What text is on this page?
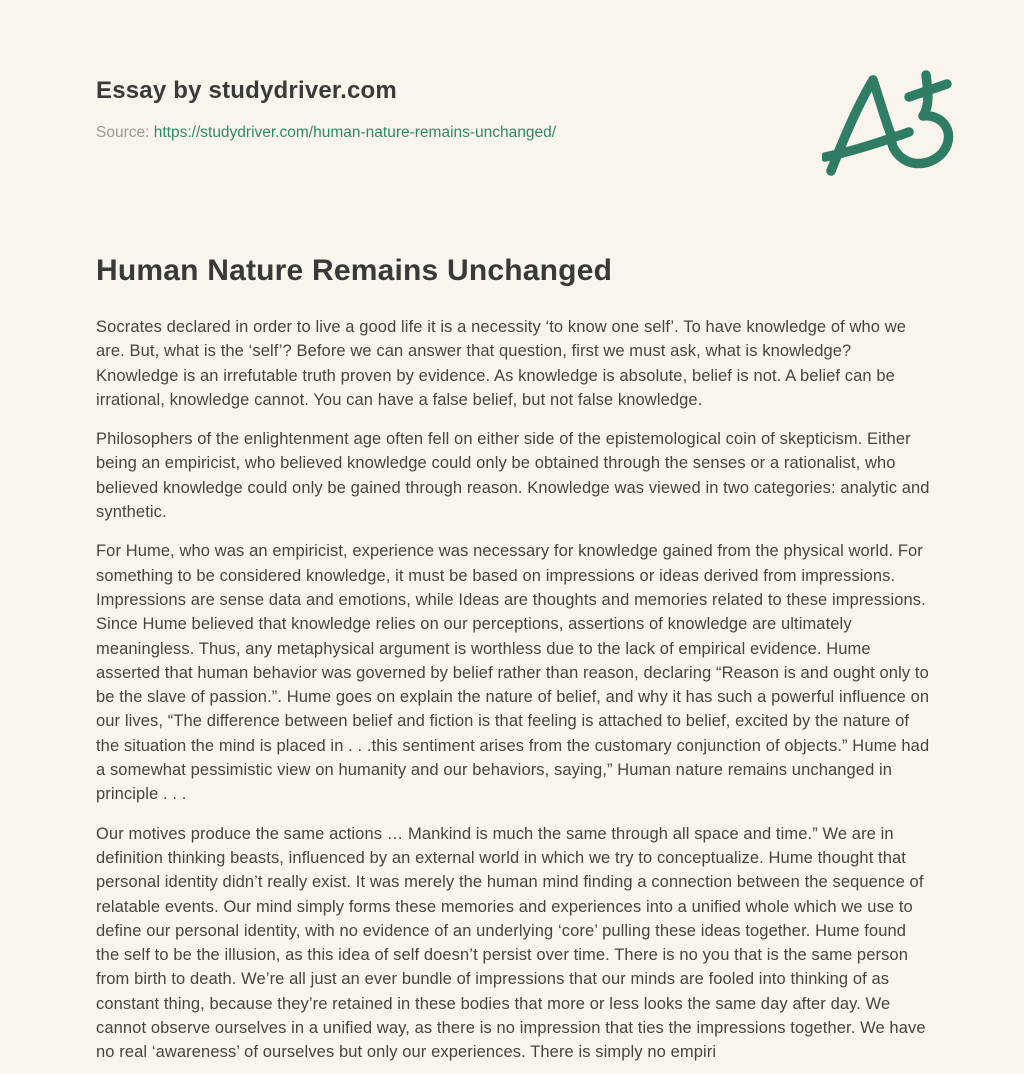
Essay by studydriver.com
Source: https://studydriver.com/human-nature-remains-unchanged/
Human Nature Remains Unchanged

Socrates declared in order to live a good life it is a necessity ‘to know one self’. To have knowledge of who we are. But, what is the ‘self’? Before we can answer that question, first we must ask, what is knowledge? Knowledge is an irrefutable truth proven by evidence. As knowledge is absolute, belief is not. A belief can be irrational, knowledge cannot. You can have a false belief, but not false knowledge.

Philosophers of the enlightenment age often fell on either side of the epistemological coin of skepticism. Either being an empiricist, who believed knowledge could only be obtained through the senses or a rationalist, who believed knowledge could only be gained through reason. Knowledge was viewed in two categories: analytic and synthetic.

For Hume, who was an empiricist, experience was necessary for knowledge gained from the physical world. For something to be considered knowledge, it must be based on impressions or ideas derived from impressions. Impressions are sense data and emotions, while Ideas are thoughts and memories related to these impressions. Since Hume believed that knowledge relies on our perceptions, assertions of knowledge are ultimately meaningless. Thus, any metaphysical argument is worthless due to the lack of empirical evidence. Hume asserted that human behavior was governed by belief rather than reason, declaring “Reason is and ought only to be the slave of passion.”. Hume goes on explain the nature of belief, and why it has such a powerful influence on our lives, “The difference between belief and fiction is that feeling is attached to belief, excited by the nature of the situation the mind is placed in . . .this sentiment arises from the customary conjunction of objects.” Hume had a somewhat pessimistic view on humanity and our behaviors, saying,” Human nature remains unchanged in principle . . .

Our motives produce the same actions … Mankind is much the same through all space and time.” We are in definition thinking beasts, influenced by an external world in which we try to conceptualize. Hume thought that personal identity didn’t really exist. It was merely the human mind finding a connection between the sequence of relatable events. Our mind simply forms these memories and experiences into a unified whole which we use to define our personal identity, with no evidence of an underlying ‘core’ pulling these ideas together. Hume found the self to be the illusion, as this idea of self doesn’t persist over time. There is no you that is the same person from birth to death. We’re all just an ever bundle of impressions that our minds are fooled into thinking of as constant thing, because they’re retained in these bodies that more or less looks the same day after day. We cannot observe ourselves in a unified way, as there is no impression that ties the impressions together. We have no real ‘awareness’ of ourselves but only our experiences. There is simply no empiri
